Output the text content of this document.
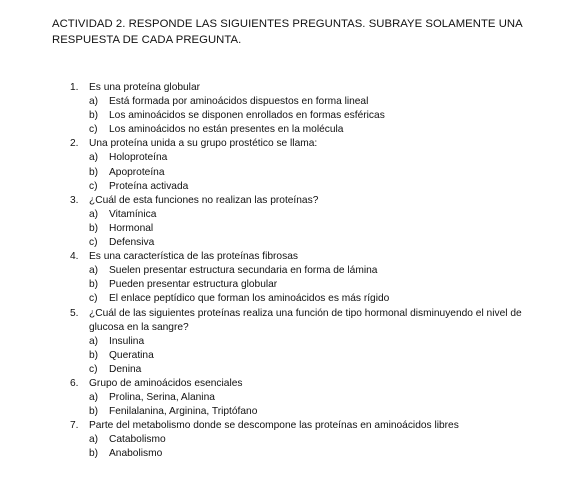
ACTIVIDAD 2. RESPONDE LAS SIGUIENTES PREGUNTAS. SUBRAYE SOLAMENTE UNA
RESPUESTA DE CADA PREGUNTA.
1.	Es una proteína globular
a)	Está formada por aminoácidos dispuestos en forma lineal
b)	Los aminoácidos se disponen enrollados en formas esféricas
c)	Los aminoácidos no están presentes en la molécula
2.	Una proteína unida a su grupo prostético se llama:
a)	Holoproteína
b)	Apoproteína
c)	Proteína activada
3.	¿Cuál de esta funciones no realizan las proteínas?
a)	Vitamínica
b)	Hormonal
c)	Defensiva
4.	Es una característica de las proteínas fibrosas
a)	Suelen presentar estructura secundaria en forma de lámina
b)	Pueden presentar estructura globular
c)	El enlace peptídico que forman los aminoácidos es más rígido
5.	¿Cuál de las siguientes proteínas realiza una función de tipo hormonal disminuyendo el nivel de glucosa en la sangre?
a)	Insulina
b)	Queratina
c)	Denina
6.	Grupo de aminoácidos esenciales
a)	Prolina, Serina, Alanina
b)	Fenilalanina, Arginina, Triptófano
7.	Parte del metabolismo donde se descompone las proteínas en aminoácidos libres
a)	Catabolismo
b)	Anabolismo
